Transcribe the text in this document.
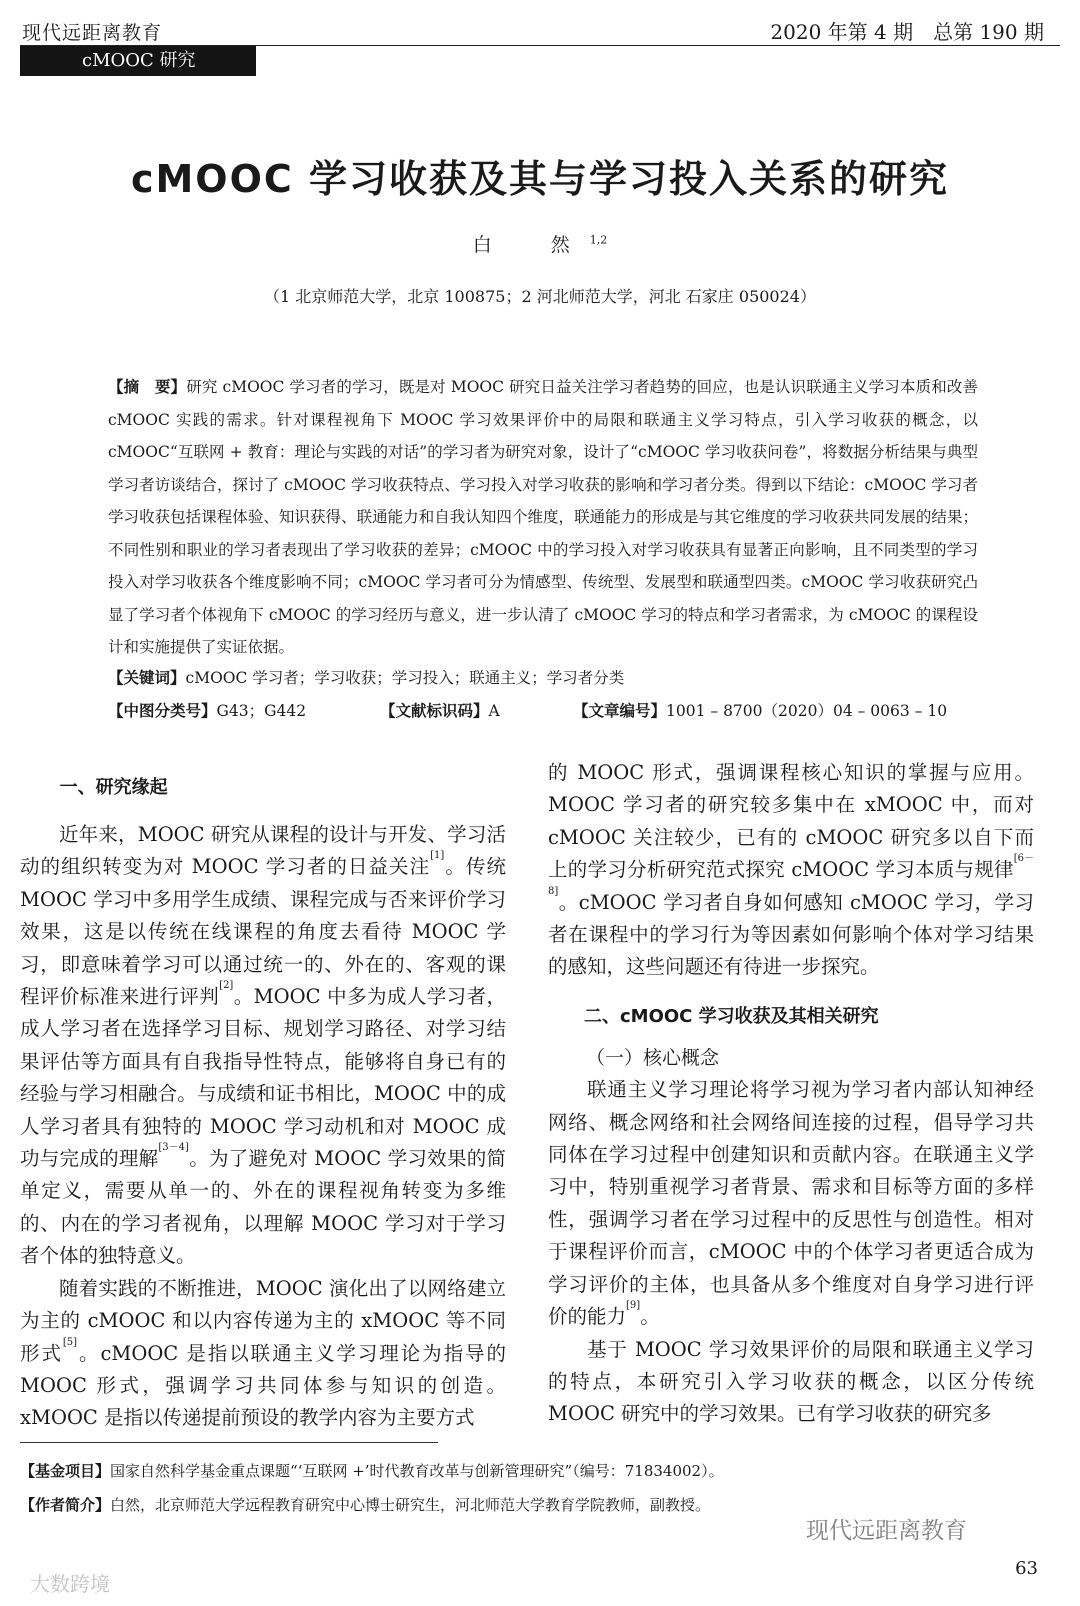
现代远距离教育	2020 年第 4 期　总第 190 期
cMOOC 研究
cMOOC 学习收获及其与学习投入关系的研究
白　然$^{1,2}$
（1 北京师范大学，北京 100875；2 河北师范大学，河北 石家庄 050024）
【摘　要】研究 cMOOC 学习者的学习，既是对 MOOC 研究日益关注学习者趋势的回应，也是认识联通主义学习本质和改善 cMOOC 实践的需求。针对课程视角下 MOOC 学习效果评价中的局限和联通主义学习特点，引入学习收获的概念，以 cMOOC“互联网 + 教育：理论与实践的对话”的学习者为研究对象，设计了“cMOOC 学习收获问卷”，将数据分析结果与典型学习者访谈结合，探讨了 cMOOC 学习收获特点、学习投入对学习收获的影响和学习者分类。得到以下结论：cMOOC 学习者学习收获包括课程体验、知识获得、联通能力和自我认知四个维度，联通能力的形成是与其它维度的学习收获共同发展的结果；不同性别和职业的学习者表现出了学习收获的差异；cMOOC 中的学习投入对学习收获具有显著正向影响，且不同类型的学习投入对学习收获各个维度影响不同；cMOOC 学习者可分为情感型、传统型、发展型和联通型四类。cMOOC 学习收获研究凸显了学习者个体视角下 cMOOC 的学习经历与意义，进一步认清了 cMOOC 学习的特点和学习者需求，为 cMOOC 的课程设计和实施提供了实证依据。
【关键词】cMOOC 学习者；学习收获；学习投入；联通主义；学习者分类
【中图分类号】G43；G442	【文献标识码】A	【文章编号】1001 – 8700（2020）04 – 0063 – 10
一、研究缘起

近年来，MOOC 研究从课程的设计与开发、学习活动的组织转变为对 MOOC 学习者的日益关注[1]。传统 MOOC 学习中多用学生成绩、课程完成与否来评价学习效果，这是以传统在线课程的角度去看待 MOOC 学习，即意味着学习可以通过统一的、外在的、客观的课程评价标准来进行评判[2]。MOOC 中多为成人学习者，成人学习者在选择学习目标、规划学习路径、对学习结果评估等方面具有自我指导性特点，能够将自身已有的经验与学习相融合。与成绩和证书相比，MOOC 中的成人学习者具有独特的 MOOC 学习动机和对 MOOC 成功与完成的理解[3－4]。为了避免对 MOOC 学习效果的简单定义，需要从单一的、外在的课程视角转变为多维的、内在的学习者视角，以理解 MOOC 学习对于学习者个体的独特意义。

随着实践的不断推进，MOOC 演化出了以网络建立为主的 cMOOC 和以内容传递为主的 xMOOC 等不同形式[5]。cMOOC 是指以联通主义学习理论为指导的 MOOC 形式，强调学习共同体参与知识的创造。xMOOC 是指以传递提前预设的教学内容为主要方式

的 MOOC 形式，强调课程核心知识的掌握与应用。MOOC 学习者的研究较多集中在 xMOOC 中，而对 cMOOC 关注较少，已有的 cMOOC 研究多以自下而上的学习分析研究范式探究 cMOOC 学习本质与规律[6－8]。cMOOC 学习者自身如何感知 cMOOC 学习，学习者在课程中的学习行为等因素如何影响个体对学习结果的感知，这些问题还有待进一步探究。

二、cMOOC 学习收获及其相关研究

（一）核心概念

联通主义学习理论将学习视为学习者内部认知神经网络、概念网络和社会网络间连接的过程，倡导学习共同体在学习过程中创建知识和贡献内容。在联通主义学习中，特别重视学习者背景、需求和目标等方面的多样性，强调学习者在学习过程中的反思性与创造性。相对于课程评价而言，cMOOC 中的个体学习者更适合成为学习评价的主体，也具备从多个维度对自身学习进行评价的能力[9]。

基于 MOOC 学习效果评价的局限和联通主义学习的特点，本研究引入学习收获的概念，以区分传统 MOOC 研究中的学习效果。已有学习收获的研究多

【基金项目】国家自然科学基金重点课题“‘互联网 +’时代教育改革与创新管理研究”（编号：71834002）。
【作者简介】白然，北京师范大学远程教育研究中心博士研究生，河北师范大学教育学院教师，副教授。
现代远距离教育
63
大数跨境
